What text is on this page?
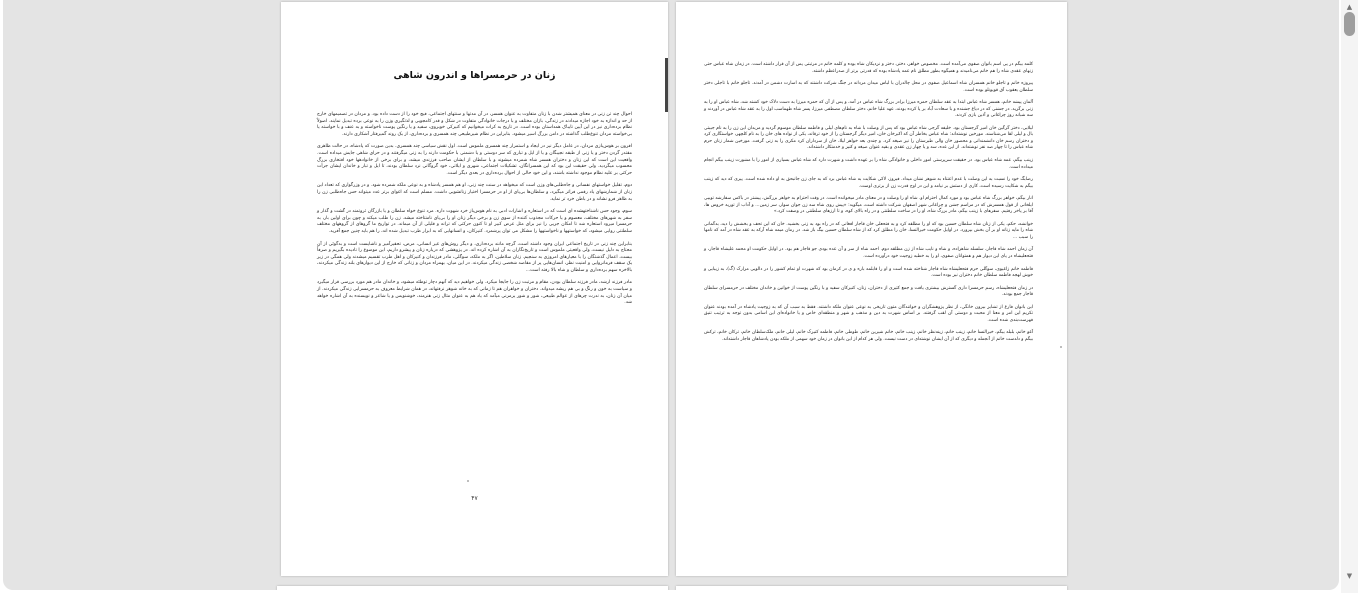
زنان در حرمسراها و اندرون شاهی

احوال چند تن زنی در معنای همیشتر شدن با زنان متفاوت به عنوان همسر، در آن مدتها و سنتهای اجتماعی، فیچ خود را از دست داده بود. و مردان در تصمیمهای خارج از حد و اندازه به خود اجازه میدادند در زندگی، بازان مختلف و با درجات خانوادگی متفاوت در شکل و قدر کامجویی و لذتگیری وزن را به نوعی برده تبدیل نمایند. اصولاً نظام برده‌داری نیز در این آیین تایباک همداستان بوده است. در تاریخ به کرات میخوانیم که کنیزکی خوبروی، سفید و یا رنگین پوست ناخواسته و به عنف و با خواسته یا بی‌خواسته مردان تنوع‌طلب گذاشته در دامن بزرگ اسیر میشود. بنابراین در نظام شیرطبیعی چند همسری و برده‌داری، از یک روند گمیزفتار آشکاری دارند.

افزون بر هوس‌بازی مردان، در عامل دیگر نیز در ایجاد و استمرار چند همسری ملموس است. اول نقش سیاسی چند همسری. بدین صورت که پادشاه، در حالت ظاهری مقتدر گردن دختر و یا زنی از طبقه نجیبگان و یا از ایل و تباری که سر دوستی و یا دشمنی با حکومت دارند را به زنی میگرفتند و در حرای شاهی جایش میداده است. واقعیت این است که این زنان و دختران همسر شاه شمرده میشوند و با سلطان از ایشان صاحب فرزندی میشد، و برای برخی از خانوادهها خود افتخاری بزرگ محسوب میگردید. ولی حقیقت این بود که این همسرانگان، تشکیلات اجتماعی، شهری و ایلاتی، خود گروگانی نزد سلطان بودند، تا ایل و تبار و خاندان ایشان جرأت حرکتی بر علیه نظام موجود نداشته باشند، و این خود حالی از احوال برده‌داری در بعدی دیگر است.

دوم، تقلیل خواستهای نفسانی و جاه‌طلبی‌های وزن است که میخواهد در سنت چند زنی، او هم همسر پادشاه و به نوعی ملکه شمرده شود. و در وزرگواری که تعداد این زنان از شمارشهای یاد رقمی فراتر میگیرد، و سلطان‌ها بی‌پای از او در حرمسرا اختیار زنانشویی داشت. مسلم است که اغوای برتر عدد میتواند حس جاه‌طلبی زن را به ظاهر فرو نشاند و در باطن خرد تر نماید.

سوم، وجود حس ناشناختهشده ای است که در استعاره و اشارات ادبی به نام هوس‌باز خرد شهوت داره. مرد تنوع خواه سلطان و یا بازرگان ثروتمند در گشت و گذار و سفر به شهرهای مختلف، معصوم و یا حرکات مجذوب کننده از سوی زن و برخی دیگر زنان او را بی‌پای نامنتاخته میشد. زن را طلب میکند و چون برای اولین بار، به حرمسرا میرود استعاره شد تا امکان جزیی را نیز برای مثل عرض کبیر او تا کنون حرکتی که ترانه و قلیلی از آن میماند. در تواریخ ما گروهای از گروههای مختلف سلطنتی روایی میشود، که خواستهها و ناخواستهها را مشکل می توان پرشمرد. کنیزکان، و انسانهایی که به ابزار طرب تبدیل شده اند، را هم باید چنین جمع آفرید.

بنابراین چند زنی در تاریخ اجتماعی ایران وجود داشته است، گرچه مانند برده‌داری، و دیگر روش‌های غیر انسانی، مرض، تحقیرآمیز و ناشایست است و بدگوئی از آن محتاج به دلیل نیست، ولی واقعیتی ملموس است و تاریخ‌نگاران به آن اشاره کرده اند. در پژوهشی که درباره زنان و پیشرو داریم، این موضوع را تادیده بگیریم و صرفاً بیست، اعمال گذشتگان را با معیارهای امروزی به سنجیم. زنان سلاطین، اگر به ملکه، سوگلی، مادر فرزندان و کنیزکان و اهل طرب تقسیم میشدند ولی همگی در زیر یک سقف فرمانروایی و امنیت نظر، انسان‌هایی پر از مقاصد شخصی زندگی میکردند. در این میان، بهمراه مردان و زنانی که خارج از این دیوارهای بلند زندگی میکردند، بالاخره سهم برده‌داری و سلطان و شاه بالا رفته است...

مادر فرزند ارشد، مادر فرزند سلطان بودن، مقام و مرتبت زن را جایجا میکرد. ولی خواهیم دید که آنهم دچار توطئه میشود، و خاندان مادر هم مورد بررسی قرار میگیرد و سیاست به خون و رنگ و بی هم ریشه میدواند. دختران و خواهران هم تا زمانی که به خانه شوهر نرفتهاند، در همان شرایط معروف به حرمسرایی زندگی میکردند. از میان آن زنان، به ندرت چرهای از عوالم طبیعی، شور و شور یرمزنی میآمد که یاد هم به عنوان مثال زنی هنرمند، خوشنویس و یا شاعر و نویسنده به آن اشاره خواهد شد.

۴۷

کلمه بیگم در پی اسم بانوان صفوی می‌آمده است. مخصوص خواهر، دختر، دختر و نزدیکان شاه بوده و کلمه خانم در مرتبتی پس از آن قرار داشته است. در زمان شاه عباس حتی زنهای عقدی شاه را هم خانم می‌نامیدند و همیگوه بطور مطلق نام عمه پادشاه بوده که قدرتی برتر از صدراعظم داشته.

پیروزه خانم و تاجلو خانم همسران شاه اسماعیل صفوی در محل چالدران با لباس میدان مردانه در جنگ شرکت داشتند که به اسارت دشمن در آمدند. تاجلو خانم با تاجلی دختر سلطان یعقوب آق قویونلو بوده است.

آلمان پیشه خانم، همسر شاه عباس ابتدا به عقد سلطان حمزه میرزا برادر بزرگ شاه عباس در آمد، و پس از آن که حمزه میرزا به دست دلاک خود کشته شد، شاه عباس او را به زنی برگزید. در جشنی که در دیاغ جشنده و با سعادت آباد بر پا کرده بودند، عهد علیا خانم، دختر سلطان مصطفی میرزا، پسر شاه طهماسب اول را به عقد شاه عباس در آوردند و سه شبانه روز چراغانی و آذین بازی کردند.

لیلایی، دختر گرگین خان امیر گرجستان بود. خلیفه گرجی شاه عباس بود که پس از وصلت با شاه به نام‌های لیلی و فاطمه سلطان موسوم گردید و مربدان این زن را به نام جیبتی بال و لیلی لقا می‌شناسند. مورخین نوشته‌اند: شاه عباس بخاطر آن که اکبرخان خان، امیر دیگر گرجستان را از خود ترقاند، یکی از نواده های خان را به نام کلچهر، خواستگاری کرد و دختران رسم خان دانشمندانی و محصور خان والی طبرستان را نیز صیغه کرد. و چندی بعد خواهر لیلا، خان از سرداران کرد مکری را به زنی گرفت. مورخین شمار زنان حرم شاه عباس را تا چهار صد نفر نوشته‌اند. از این عده، سه و یا چهار زن عقدی و بقیه عنوان صیغه و کنیز و خدمتکار داشته‌اند.

زینب بیگم، عمه شاه عباس بود. در حقیقت سرپرستی امور داخلی و خانوادگی شاه را بر عهده داشت و شهرت دارد که شاه عباس بسیاری از امور را با مشورت زینب بیگم انجام میداده است.

رضابگ خود را نسبت به این وصلت با عدم اعتناء به شوهر نشان میداد. فیروز، لاکی شکایت به شاه عباس برد که به جای زن جانبحق به او داده شده است. پیری که دید که زینب بیگم به شکایت رسیده است، کاری از دستش بر نیامد و این در اوج قدرت زن از برتری اوست.

انار بیگم، خواهر بزرگ شاه عباس بود و مورد کمال احترام او. شاه او را وصلت و در معنای مادر میخوانده است. در وقت احترام به خواهر بزرگش، پیشتر در باکس سفارشه توبیی ایلخانی از قول همسرش که در مراسم جشن و چراغانی شهر اصفهان شرکت داشته است، میگوید: «پیش روی شاه سه زن جوان سوار، سر زمین... و آداب از توریه خروس ها، آقا بر پاخر رفتیم. سفرهای با زینب بیگم، مادر بزرگ شاه، او را در ساخت سلطنتی و در راه بالای کوه، و تا ارزهای سلطنتی در وصفت کرد.»

خوانشه، حکم، یکی از زنان شاه سلطان حسین بود که او را مطلقه کرد و به فتحعلی خان قاجار افغانی که در راه بود به زنی بخشید. خان که این تحف و بخشش را دید، بدگمانی شاه را مایه زنانه او بر آن بخش بپرورد. در اوایل حکومت خیرالنسا، خان را مطلق کرد که از شاه سلطان حسین بیگ باز شد. در رمان میمه شاه آرکه به عقد شاه در آمد که نامها را سبب ...

آن زمان احمد شاه قاجار، سلسله شاهزاده، و شاه و نایب شاه از زن مطلقه دوم. احمد شاه از سر و آن عده بودی جو قاجار هم بود. در اوایل حکومت او محمد علیشاه قاجار، و فتحعلیشاه در پای این دیوار هم و همتوانان صفوی، او را به خطبه زوجیت خود درآورده است.

فاطمه خانم زاغیوی، سوگلی حرم فتحعلیشاه شاه قاجار شناخته شده است و او را قابلمه باره و ی در کرمان بود که شهرت او تمام کشور را در دالویی مزارک (گ)، به زیبایی و خوش لهجه فاطمه سلطان خانم دختران نیز بوده است.

در زمان فتحعلیشاه، رسم حرمسرا داری گسترش بیشتری یافت و جمع کثیری از دختران، زنان، کنیزکان سفید و با رنگین پوست از خوانین و خاندان مختلف در حرمسرای سلطان قاجار جمع بودند.

این بانوان فارغ از تشایز بیرون خانگی، از نظر پژوهشگران و خوانندگان متون تاریخی به نوعی عنوان ملکه داشتند. فقط به سبب آن که به زوجیت پادشاه در آمده بودند عنوان تکریم این امر و معنا از محبت و دوستی آن لقب گرفتند. بر اساس شهرت به دین و مذهب و شهر و منطقه‌ای خاص و یا خانواده‌ای این اسامی بدون توجه به ترتیب تنیق فهرست‌بندی شده است.

آغو خانم، بلبله بیگم، خیرالنسا خانم، زینب خانم، زینه‌نظر خانم، زینب خانم، خانم شیرین خانم، طوطی خانم، فاطمه کنیزک خانم، لیلی خانم، ملک‌سلطان خانم، ترکان خانم، ترکش بیگم و دلدست خانم از آنجمله و دیگری که از آن ایشان نوشته‌ای در دست نیست. ولی هر کدام از این بانوان در زمان خود سهمی از ملکه بودن پادشاهان قاجار داشته‌اند.

▲
▼
